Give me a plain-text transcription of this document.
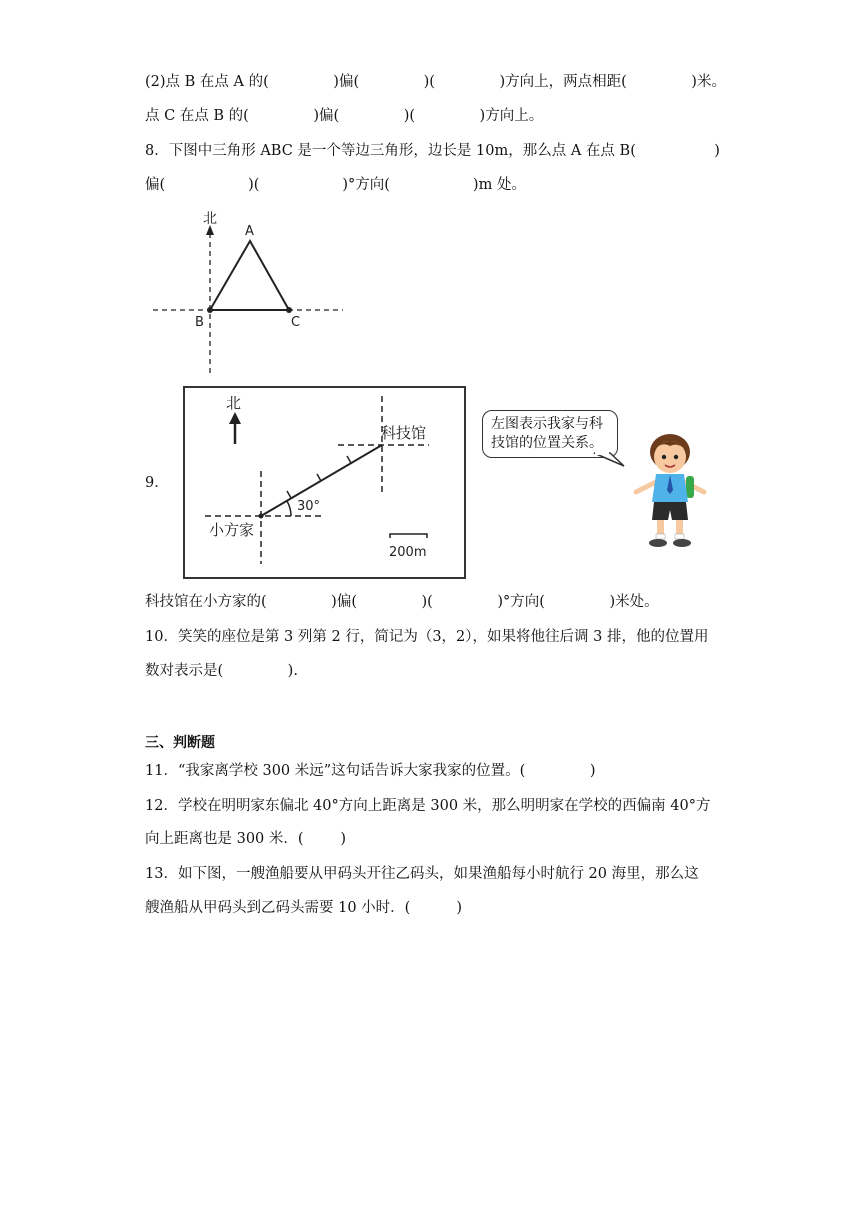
(2)点 B 在点 A 的(              )偏(              )(              )方向上，两点相距(              )米。
点 C 在点 B 的(              )偏(              )(              )方向上。
8．下图中三角形 ABC 是一个等边三角形，边长是 10m，那么点 A 在点 B(                 )
偏(                  )(                  )°方向(                  )m 处。
北
A
B	C
9．
北
30°
科技馆
小方家
200m
左图表示我家与科技馆的位置关系。
科技馆在小方家的(              )偏(              )(              )°方向(              )米处。
10．笑笑的座位是第 3 列第 2 行，简记为（3，2），如果将他往后调 3 排，他的位置用
数对表示是(              ).
三、判断题
11．“我家离学校 300 米远”这句话告诉大家我家的位置。(              )
12．学校在明明家东偏北 40°方向上距离是 300 米，那么明明家在学校的西偏南 40°方
向上距离也是 300 米．(        )
13．如下图，一艘渔船要从甲码头开往乙码头，如果渔船每小时航行 20 海里，那么这
艘渔船从甲码头到乙码头需要 10 小时．(          )
